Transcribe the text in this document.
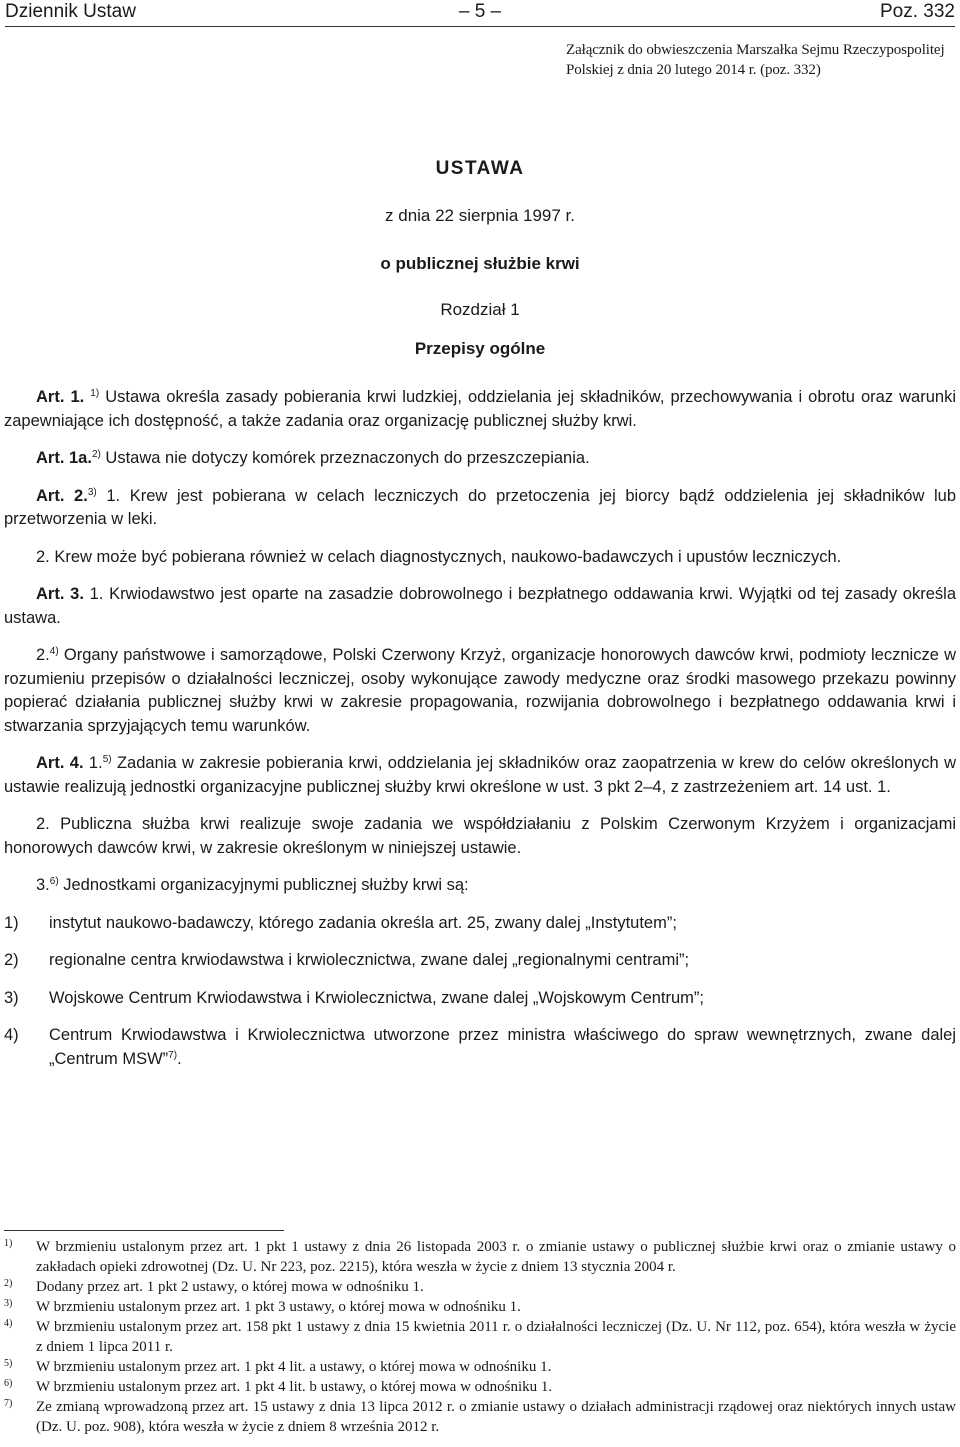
Dziennik Ustaw	– 5 –	Poz. 332
Załącznik do obwieszczenia Marszałka Sejmu Rzeczypospolitej Polskiej z dnia 20 lutego 2014 r. (poz. 332)
USTAWA
z dnia 22 sierpnia 1997 r.
o publicznej służbie krwi
Rozdział 1
Przepisy ogólne

Art. 1. $^{1)}$ Ustawa określa zasady pobierania krwi ludzkiej, oddzielania jej składników, przechowywania i obrotu oraz warunki zapewniające ich dostępność, a także zadania oraz organizację publicznej służby krwi.

Art. 1a.$^{2)}$ Ustawa nie dotyczy komórek przeznaczonych do przeszczepiania.

Art. 2.$^{3)}$ 1. Krew jest pobierana w celach leczniczych do przetoczenia jej biorcy bądź oddzielenia jej składników lub przetworzenia w leki.

2. Krew może być pobierana również w celach diagnostycznych, naukowo-badawczych i upustów leczniczych.

Art. 3. 1. Krwiodawstwo jest oparte na zasadzie dobrowolnego i bezpłatnego oddawania krwi. Wyjątki od tej zasady określa ustawa.

2.$^{4)}$ Organy państwowe i samorządowe, Polski Czerwony Krzyż, organizacje honorowych dawców krwi, podmioty lecznicze w rozumieniu przepisów o działalności leczniczej, osoby wykonujące zawody medyczne oraz środki masowego przekazu powinny popierać działania publicznej służby krwi w zakresie propagowania, rozwijania dobrowolnego i bezpłatnego oddawania krwi i stwarzania sprzyjających temu warunków.

Art. 4. 1.$^{5)}$ Zadania w zakresie pobierania krwi, oddzielania jej składników oraz zaopatrzenia w krew do celów określonych w ustawie realizują jednostki organizacyjne publicznej służby krwi określone w ust. 3 pkt 2–4, z zastrzeżeniem art. 14 ust. 1.

2. Publiczna służba krwi realizuje swoje zadania we współdziałaniu z Polskim Czerwonym Krzyżem i organizacjami honorowych dawców krwi, w zakresie określonym w niniejszej ustawie.

3.$^{6)}$ Jednostkami organizacyjnymi publicznej służby krwi są:

1) instytut naukowo-badawczy, którego zadania określa art. 25, zwany dalej „Instytutem”;
2) regionalne centra krwiodawstwa i krwiolecznictwa, zwane dalej „regionalnymi centrami”;
3) Wojskowe Centrum Krwiodawstwa i Krwiolecznictwa, zwane dalej „Wojskowym Centrum”;
4) Centrum Krwiodawstwa i Krwiolecznictwa utworzone przez ministra właściwego do spraw wewnętrznych, zwane dalej „Centrum MSW”$^{7)}$.

1) W brzmieniu ustalonym przez art. 1 pkt 1 ustawy z dnia 26 listopada 2003 r. o zmianie ustawy o publicznej służbie krwi oraz o zmianie ustawy o zakładach opieki zdrowotnej (Dz. U. Nr 223, poz. 2215), która weszła w życie z dniem 13 stycznia 2004 r.

2) Dodany przez art. 1 pkt 2 ustawy, o której mowa w odnośniku 1.

3) W brzmieniu ustalonym przez art. 1 pkt 3 ustawy, o której mowa w odnośniku 1.

4) W brzmieniu ustalonym przez art. 158 pkt 1 ustawy z dnia 15 kwietnia 2011 r. o działalności leczniczej (Dz. U. Nr 112, poz. 654), która weszła w życie z dniem 1 lipca 2011 r.

5) W brzmieniu ustalonym przez art. 1 pkt 4 lit. a ustawy, o której mowa w odnośniku 1.

6) W brzmieniu ustalonym przez art. 1 pkt 4 lit. b ustawy, o której mowa w odnośniku 1.

7) Ze zmianą wprowadzoną przez art. 15 ustawy z dnia 13 lipca 2012 r. o zmianie ustawy o działach administracji rządowej oraz niektórych innych ustaw (Dz. U. poz. 908), która weszła w życie z dniem 8 września 2012 r.
